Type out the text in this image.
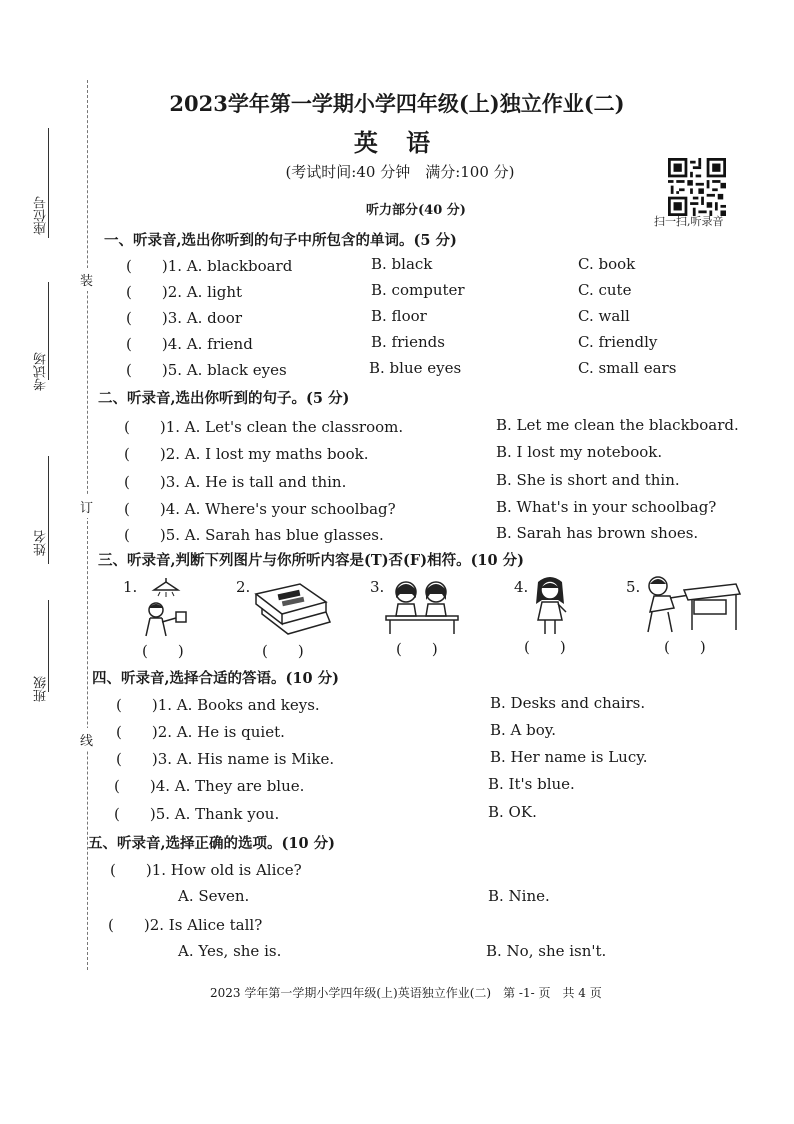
装
订
线
座位号
考试场
姓名
班级
2023学年第一学期小学四年级(上)独立作业(二)
英 语
(考试时间:40 分钟　满分:100 分)
扫一扫,听录音
听力部分(40 分)
一、听录音,选出你听到的句子中所包含的单词。(5 分)
(　　)1. A. blackboard	B. black	C. book
(　　)2. A. light	B. computer	C. cute
(　　)3. A. door	B. floor	C. wall
(　　)4. A. friend	B. friends	C. friendly
(　　)5. A. black eyes	B. blue eyes	C. small ears
二、听录音,选出你听到的句子。(5 分)
(　　)1. A. Let's clean the classroom.	B. Let me clean the blackboard.
(　　)2. A. I lost my maths book.	B. I lost my notebook.
(　　)3. A. He is tall and thin.	B. She is short and thin.
(　　)4. A. Where's your schoolbag?	B. What's in your schoolbag?
(　　)5. A. Sarah has blue glasses.	B. Sarah has brown shoes.
三、听录音,判断下列图片与你所听内容是(T)否(F)相符。(10 分)
1.
(　　)
2.
(　　)
3.
(　　)
4.
(　　)
5.
(　　)
四、听录音,选择合适的答语。(10 分)
(　　)1. A. Books and keys.	B. Desks and chairs.
(　　)2. A. He is quiet.	B. A boy.
(　　)3. A. His name is Mike.	B. Her name is Lucy.
(　　)4. A. They are blue.	B. It's blue.
(　　)5. A. Thank you.	B. OK.
五、听录音,选择正确的选项。(10 分)
(　　)1. How old is Alice?
A. Seven.	B. Nine.
(　　)2. Is Alice tall?
A. Yes, she is.	B. No, she isn't.
2023 学年第一学期小学四年级(上)英语独立作业(二)　第 -1- 页　共 4 页
